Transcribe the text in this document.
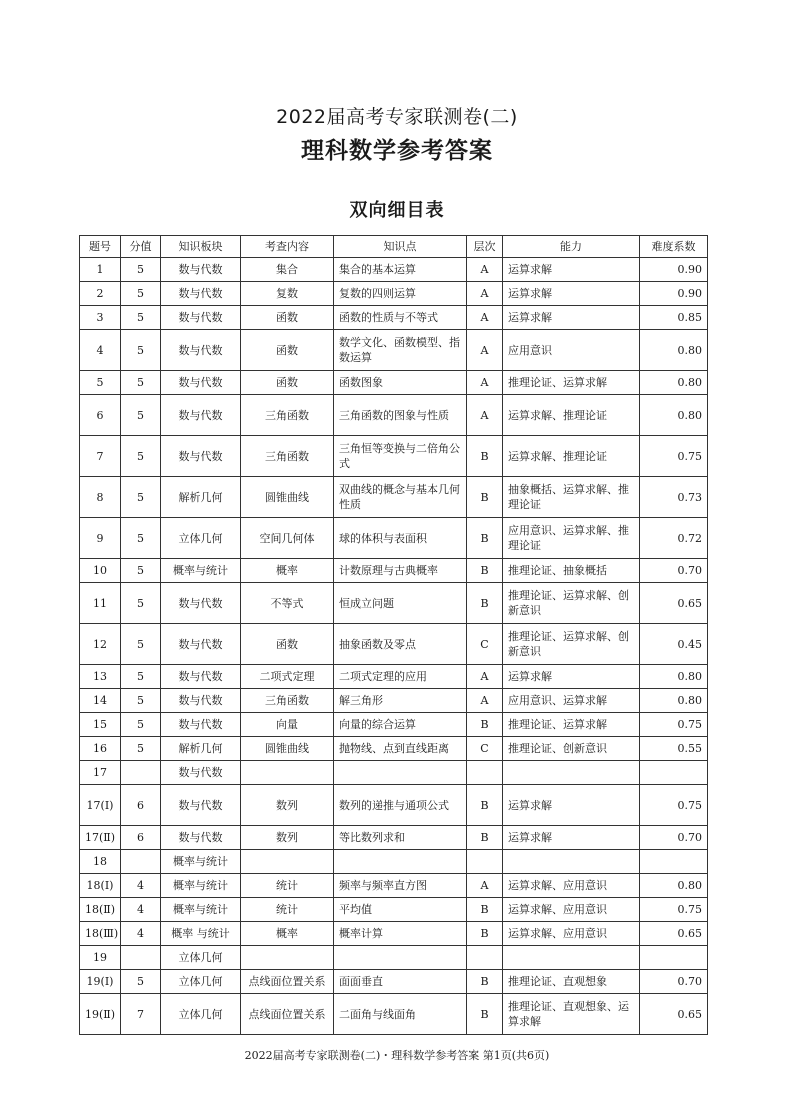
2022届高考专家联测卷(二)
理科数学参考答案
双向细目表
题号	分值	知识板块	考查内容	知识点	层次	能力	难度系数
1	5	数与代数	集合	集合的基本运算	A	运算求解	0.90
2	5	数与代数	复数	复数的四则运算	A	运算求解	0.90
3	5	数与代数	函数	函数的性质与不等式	A	运算求解	0.85
4	5	数与代数	函数	数学文化、函数模型、指数运算	A	应用意识	0.80
5	5	数与代数	函数	函数图象	A	推理论证、运算求解	0.80
6	5	数与代数	三角函数	三角函数的图象与性质	A	运算求解、推理论证	0.80
7	5	数与代数	三角函数	三角恒等变换与二倍角公式	B	运算求解、推理论证	0.75
8	5	解析几何	圆锥曲线	双曲线的概念与基本几何性质	B	抽象概括、运算求解、推理论证	0.73
9	5	立体几何	空间几何体	球的体积与表面积	B	应用意识、运算求解、推理论证	0.72
10	5	概率与统计	概率	计数原理与古典概率	B	推理论证、抽象概括	0.70
11	5	数与代数	不等式	恒成立问题	B	推理论证、运算求解、创新意识	0.65
12	5	数与代数	函数	抽象函数及零点	C	推理论证、运算求解、创新意识	0.45
13	5	数与代数	二项式定理	二项式定理的应用	A	运算求解	0.80
14	5	数与代数	三角函数	解三角形	A	应用意识、运算求解	0.80
15	5	数与代数	向量	向量的综合运算	B	推理论证、运算求解	0.75
16	5	解析几何	圆锥曲线	抛物线、点到直线距离	C	推理论证、创新意识	0.55
17		数与代数					
17(Ⅰ)	6	数与代数	数列	数列的递推与通项公式	B	运算求解	0.75
17(Ⅱ)	6	数与代数	数列	等比数列求和	B	运算求解	0.70
18		概率与统计					
18(Ⅰ)	4	概率与统计	统计	频率与频率直方图	A	运算求解、应用意识	0.80
18(Ⅱ)	4	概率与统计	统计	平均值	B	运算求解、应用意识	0.75
18(Ⅲ)	4	概率 与统计	概率	概率计算	B	运算求解、应用意识	0.65
19		立体几何					
19(Ⅰ)	5	立体几何	点线面位置关系	面面垂直	B	推理论证、直观想象	0.70
19(Ⅱ)	7	立体几何	点线面位置关系	二面角与线面角	B	推理论证、直观想象、运算求解	0.65
2022届高考专家联测卷(二)・理科数学参考答案 第1页(共6页)
